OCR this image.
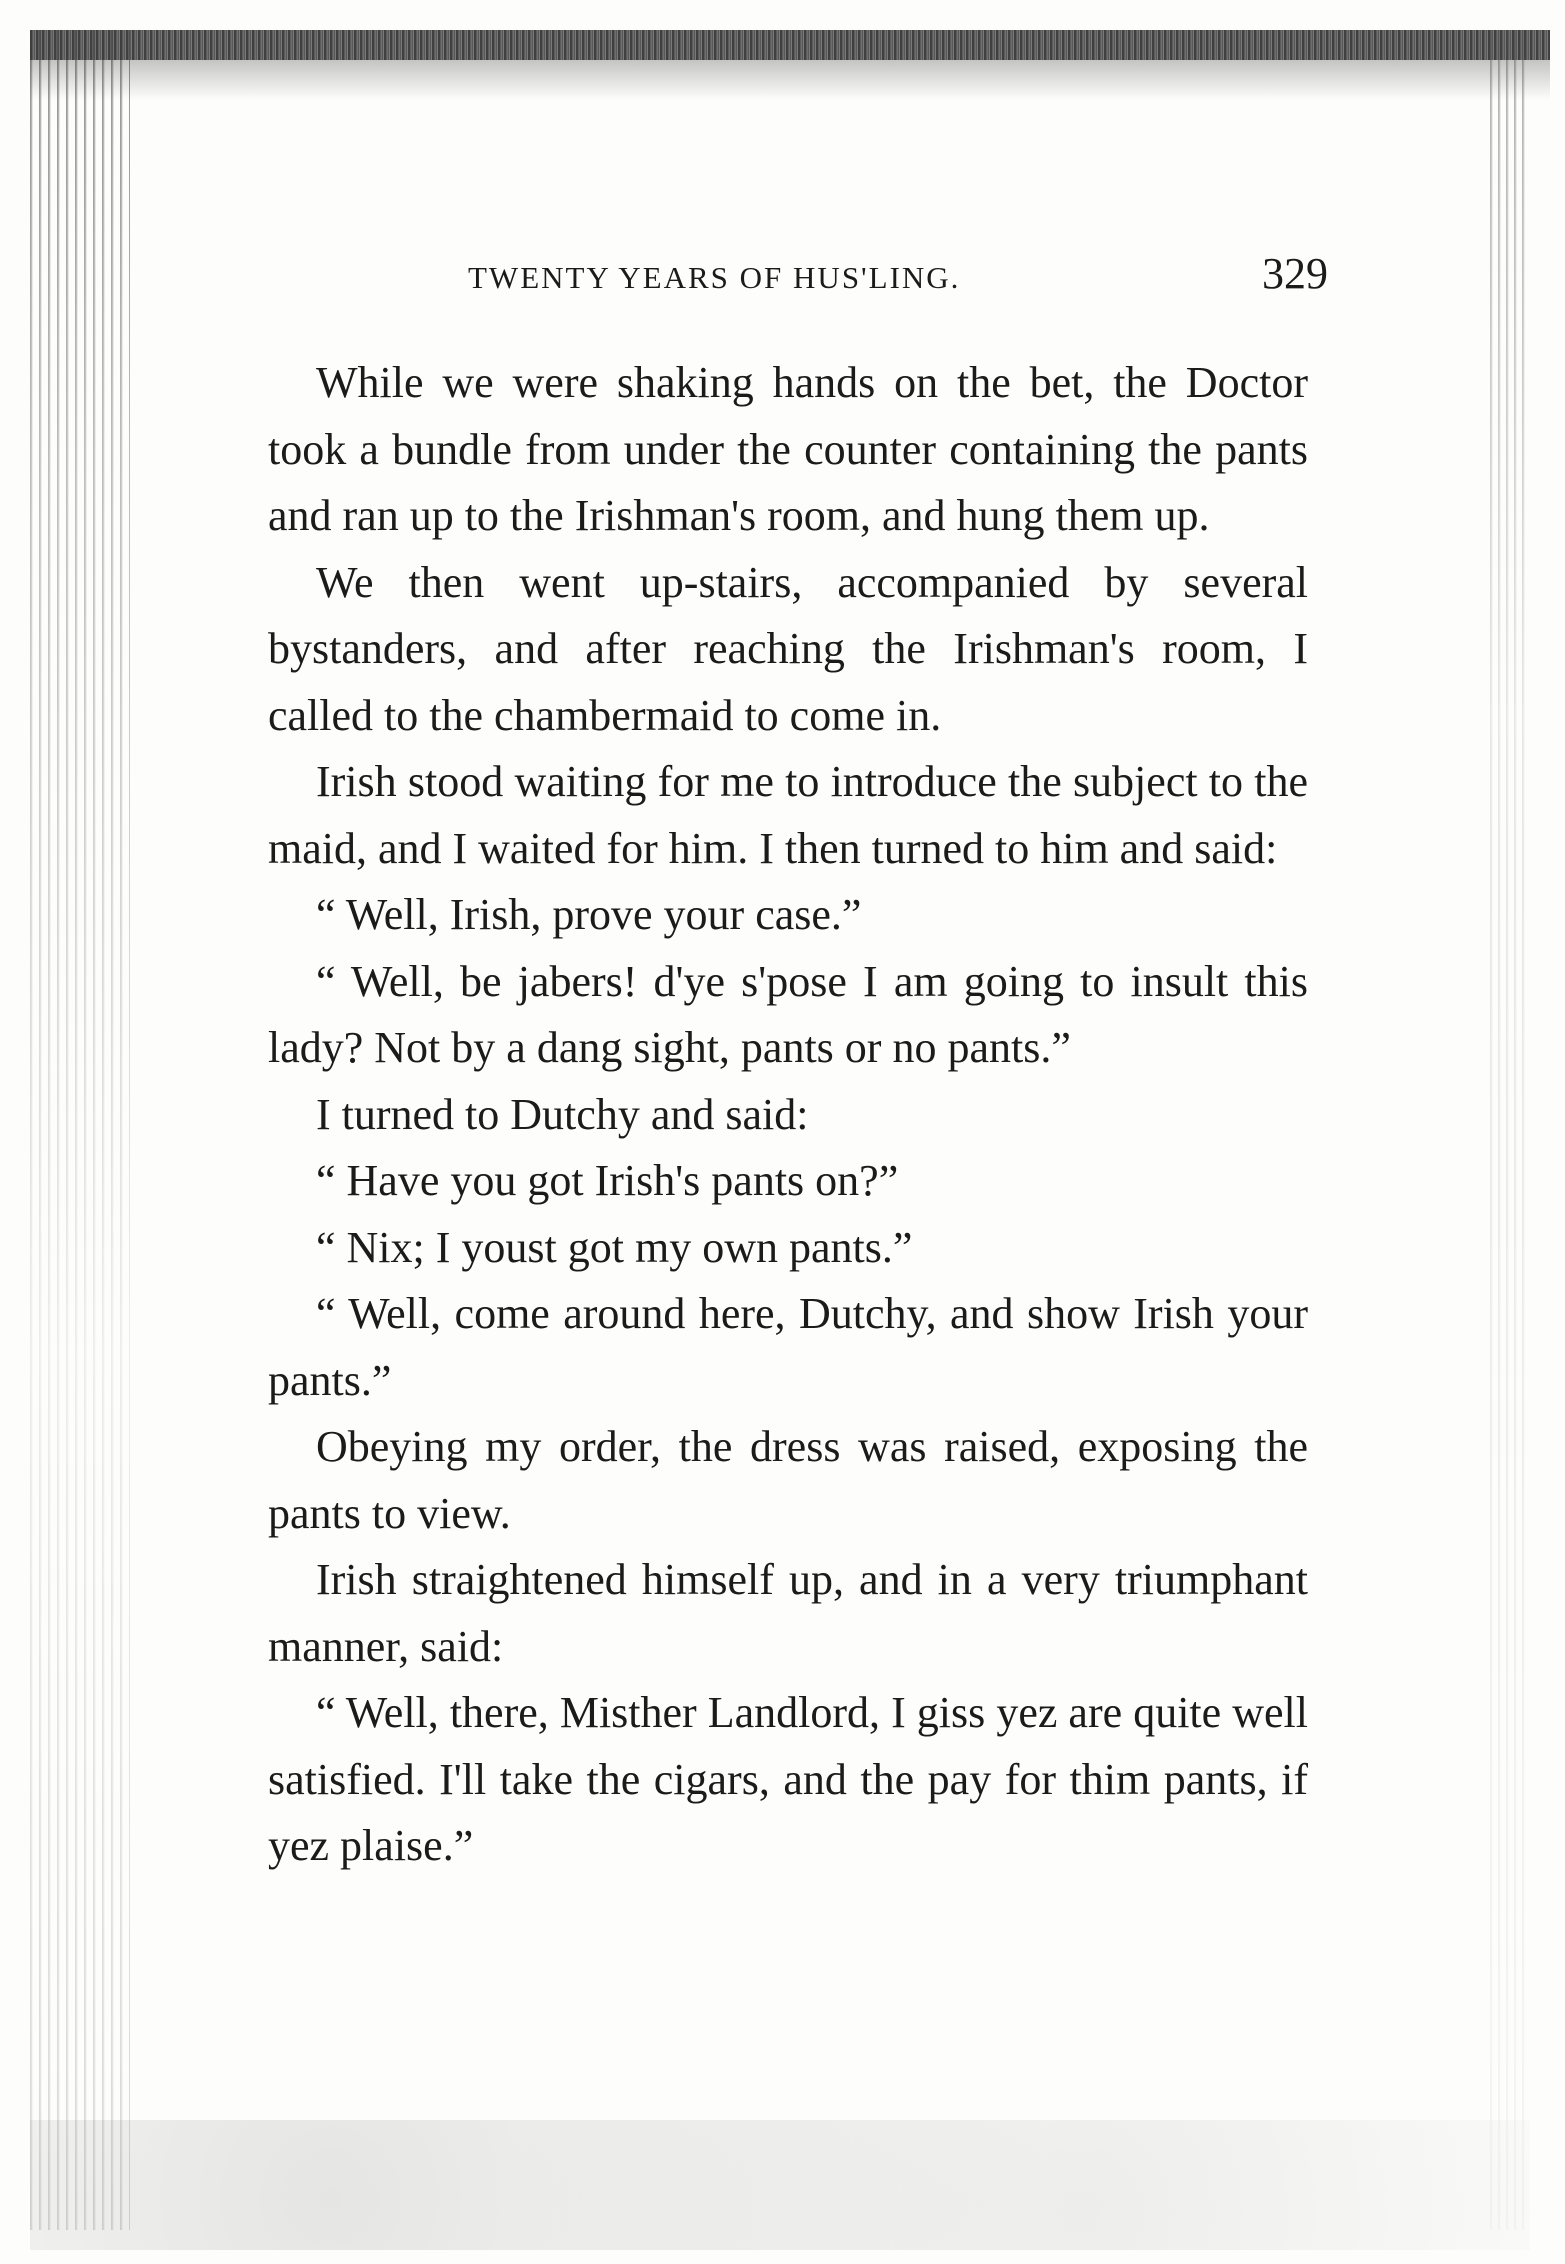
TWENTY YEARS OF HUS'LING.	329

While we were shaking hands on the bet, the Doctor took a bundle from under the counter containing the pants and ran up to the Irishman's room, and hung them up.

We then went up-stairs, accompanied by several bystanders, and after reaching the Irishman's room, I called to the chambermaid to come in.

Irish stood waiting for me to introduce the subject to the maid, and I waited for him. I then turned to him and said:

“ Well, Irish, prove your case.”

“ Well, be jabers! d'ye s'pose I am going to insult this lady? Not by a dang sight, pants or no pants.”

I turned to Dutchy and said:

“ Have you got Irish's pants on?”

“ Nix; I youst got my own pants.”

“ Well, come around here, Dutchy, and show Irish your pants.”

Obeying my order, the dress was raised, exposing the pants to view.

Irish straightened himself up, and in a very triumphant manner, said:

“ Well, there, Misther Landlord, I giss yez are quite well satisfied. I'll take the cigars, and the pay for thim pants, if yez plaise.”
